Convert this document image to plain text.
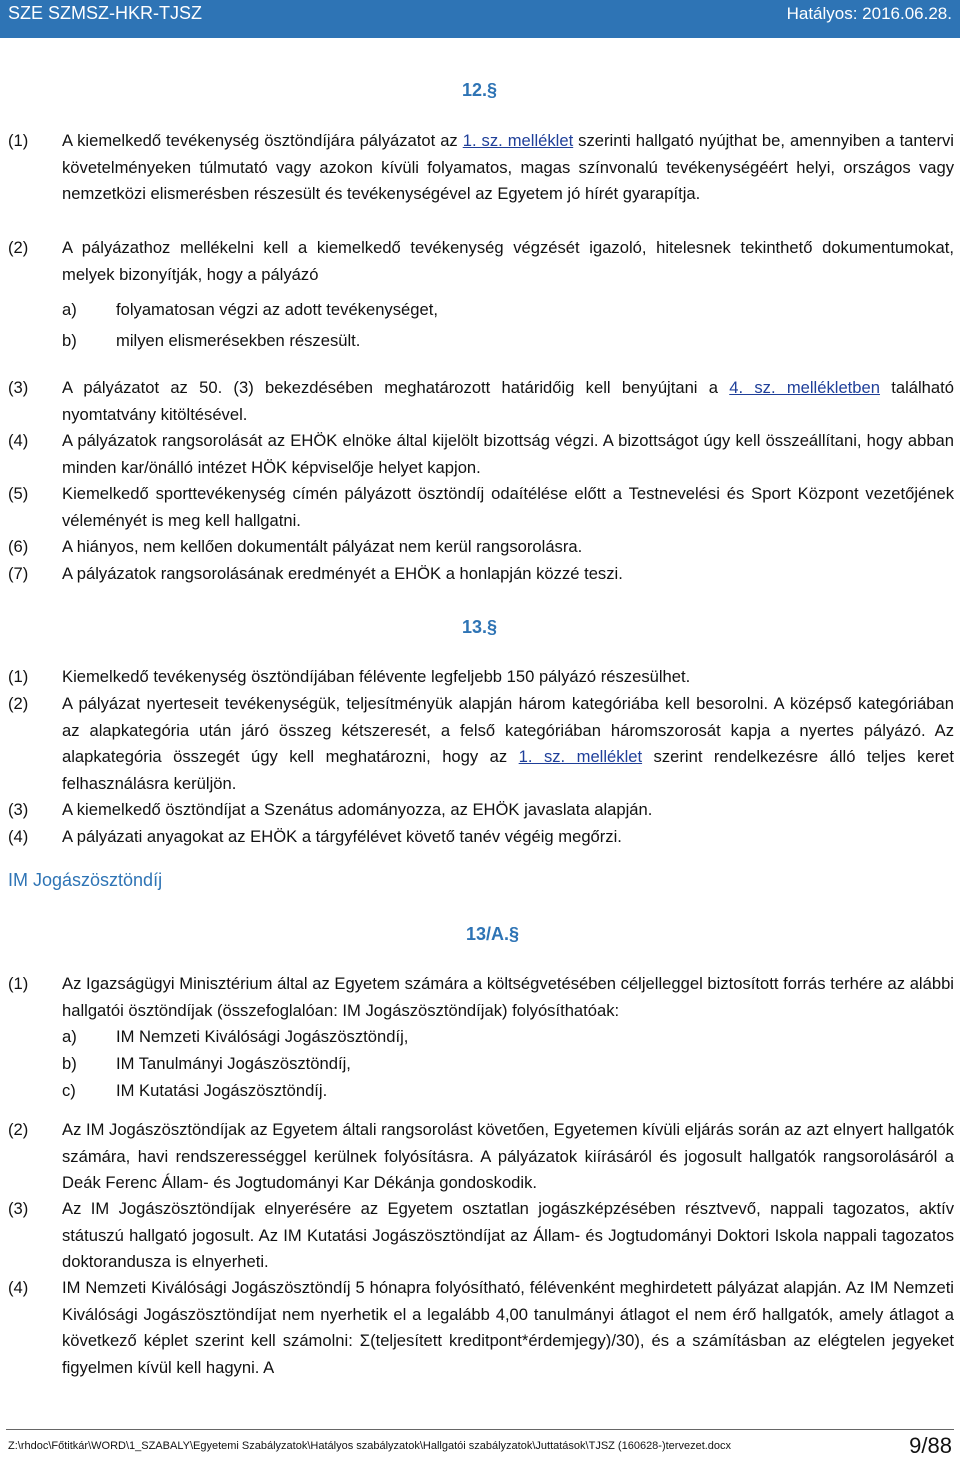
SZE SZMSZ-HKR-TJSZ	Hatályos: 2016.06.28.
12.§
(1) A kiemelkedő tevékenység ösztöndíjára pályázatot az 1. sz. melléklet szerinti hallgató nyújthat be, amennyiben a tantervi követelményeken túlmutató vagy azokon kívüli folyamatos, magas színvonalú tevékenységéért helyi, országos vagy nemzetközi elismerésben részesült és tevékenységével az Egyetem jó hírét gyarapítja.
(2) A pályázathoz mellékelni kell a kiemelkedő tevékenység végzését igazoló, hitelesnek tekinthető dokumentumokat, melyek bizonyítják, hogy a pályázó
a) folyamatosan végzi az adott tevékenységet,
b) milyen elismerésekben részesült.
(3) A pályázatot az 50. (3) bekezdésében meghatározott határidőig kell benyújtani a 4. sz. mellékletben található nyomtatvány kitöltésével.
(4) A pályázatok rangsorolását az EHÖK elnöke által kijelölt bizottság végzi. A bizottságot úgy kell összeállítani, hogy abban minden kar/önálló intézet HÖK képviselője helyet kapjon.
(5) Kiemelkedő sporttevékenység címén pályázott ösztöndíj odaítélése előtt a Testnevelési és Sport Központ vezetőjének véleményét is meg kell hallgatni.
(6) A hiányos, nem kellően dokumentált pályázat nem kerül rangsorolásra.
(7) A pályázatok rangsorolásának eredményét a EHÖK a honlapján közzé teszi.
13.§
(1) Kiemelkedő tevékenység ösztöndíjában félévente legfeljebb 150 pályázó részesülhet.
(2) A pályázat nyerteseit tevékenységük, teljesítményük alapján három kategóriába kell besorolni. A középső kategóriában az alapkategória után járó összeg kétszeresét, a felső kategóriában háromszorosát kapja a nyertes pályázó. Az alapkategória összegét úgy kell meghatározni, hogy az 1. sz. melléklet szerint rendelkezésre álló teljes keret felhasználásra kerüljön.
(3) A kiemelkedő ösztöndíjat a Szenátus adományozza, az EHÖK javaslata alapján.
(4) A pályázati anyagokat az EHÖK a tárgyfélévet követő tanév végéig megőrzi.
IM Jogászösztöndíj
13/A.§
(1) Az Igazságügyi Minisztérium által az Egyetem számára a költségvetésében céljelleggel biztosított forrás terhére az alábbi hallgatói ösztöndíjak (összefoglalóan: IM Jogászösztöndíjak) folyósíthatóak:
a) IM Nemzeti Kiválósági Jogászösztöndíj,
b) IM Tanulmányi Jogászösztöndíj,
c) IM Kutatási Jogászösztöndíj.
(2) Az IM Jogászösztöndíjak az Egyetem általi rangsorolást követően, Egyetemen kívüli eljárás során az azt elnyert hallgatók számára, havi rendszerességgel kerülnek folyósításra. A pályázatok kiírásáról és jogosult hallgatók rangsorolásáról a Deák Ferenc Állam- és Jogtudományi Kar Dékánja gondoskodik.
(3) Az IM Jogászösztöndíjak elnyerésére az Egyetem osztatlan jogászképzésében résztvevő, nappali tagozatos, aktív státuszú hallgató jogosult. Az IM Kutatási Jogászösztöndíjat az Állam- és Jogtudományi Doktori Iskola nappali tagozatos doktorandusza is elnyerheti.
(4) IM Nemzeti Kiválósági Jogászösztöndíj 5 hónapra folyósítható, félévenként meghirdetett pályázat alapján. Az IM Nemzeti Kiválósági Jogászösztöndíjat nem nyerhetik el a legalább 4,00 tanulmányi átlagot el nem érő hallgatók, amely átlagot a következő képlet szerint kell számolni: Σ(teljesített kreditpont*érdemjegy)/30), és a számításban az elégtelen jegyeket figyelmen kívül kell hagyni. A
Z:\rhdoc\Főtitkár\WORD\1_SZABALY\Egyetemi Szabályzatok\Hatályos szabályzatok\Hallgatói szabályzatok\Juttatások\TJSZ (160628-)tervezet.docx	9/88
